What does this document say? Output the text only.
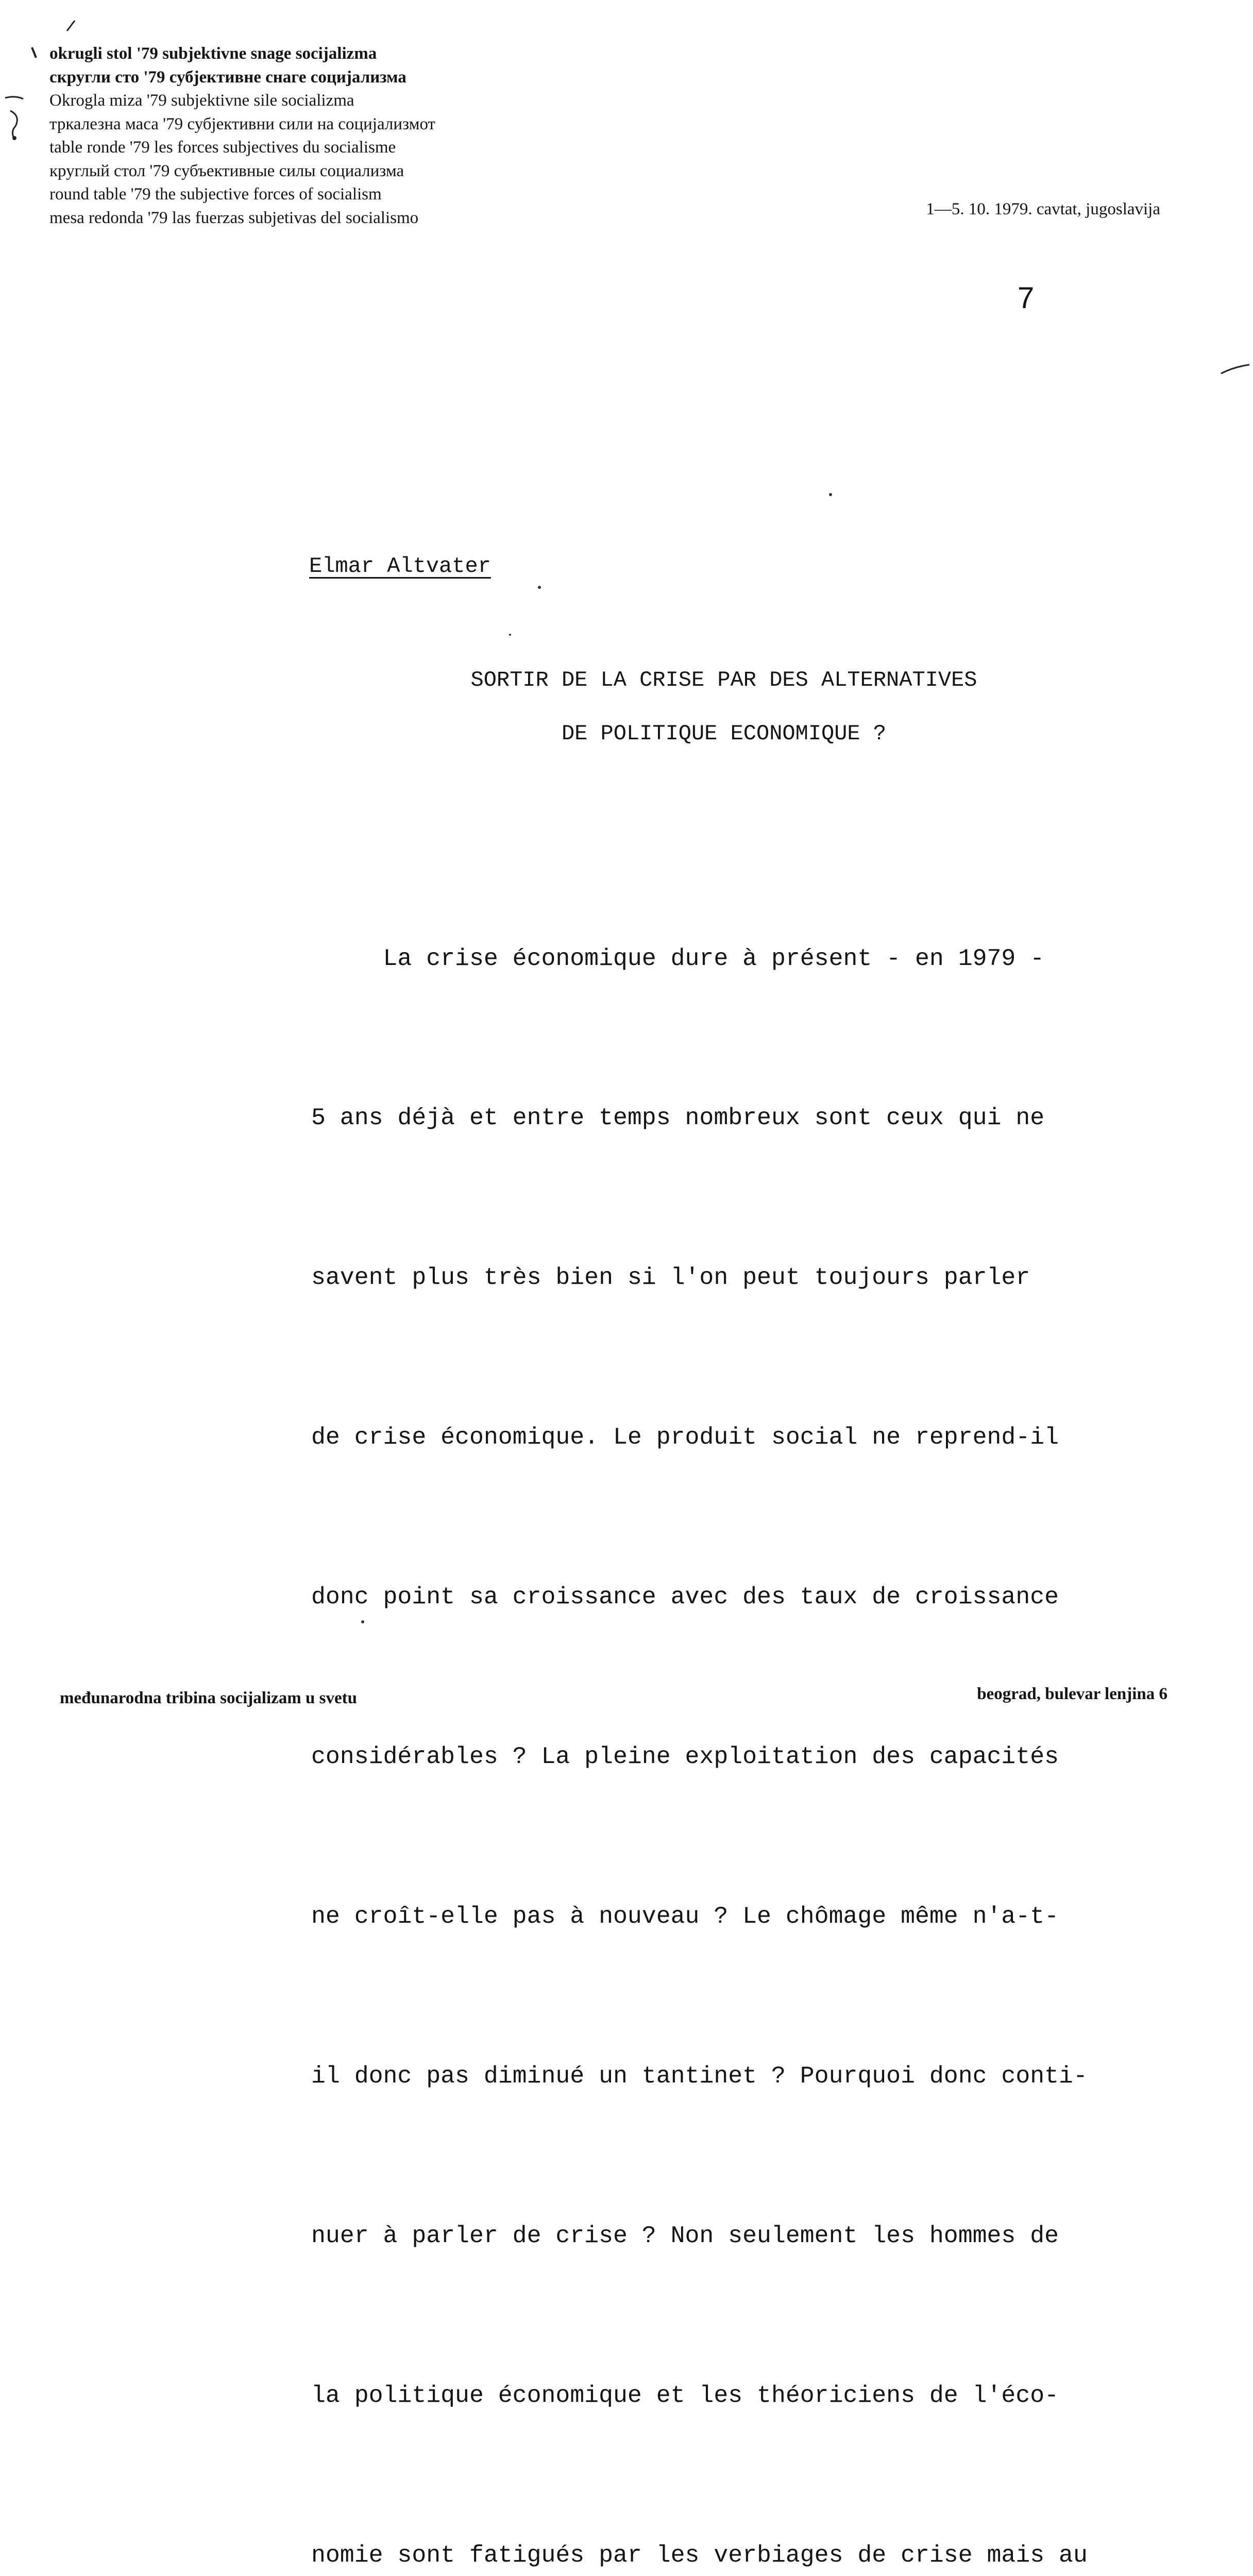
okrugli stol '79 subjektivne snage socijalizma
скругли сто '79 субјективне снаге социјализма
Okrogla miza '79 subjektivne sile socializma
тркалезна маса '79 субјективни сили на социјализмот
table ronde '79 les forces subjectives du socialisme
круглый стол '79 субъективные силы социализма
round table '79 the subjective forces of socialism
mesa redonda '79 las fuerzas subjetivas del socialismo	1—5. 10. 1979. cavtat, jugoslavija
7
Elmar Altvater
SORTIR DE LA CRISE PAR DES ALTERNATIVES
DE POLITIQUE ECONOMIQUE ?

La crise économique dure à présent - en 1979 -

5 ans déjà et entre temps nombreux sont ceux qui ne

savent plus très bien si l'on peut toujours parler

de crise économique. Le produit social ne reprend-il

donc point sa croissance avec des taux de croissance

considérables ? La pleine exploitation des capacités

ne croît-elle pas à nouveau ? Le chômage même n'a-t-

il donc pas diminué un tantinet ? Pourquoi donc conti-

nuer à parler de crise ? Non seulement les hommes de

la politique économique et les théoriciens de l'éco-

nomie sont fatigués par les verbiages de crise mais au

međunarodna tribina socijalizam u svetu	beograd, bulevar lenjina 6
